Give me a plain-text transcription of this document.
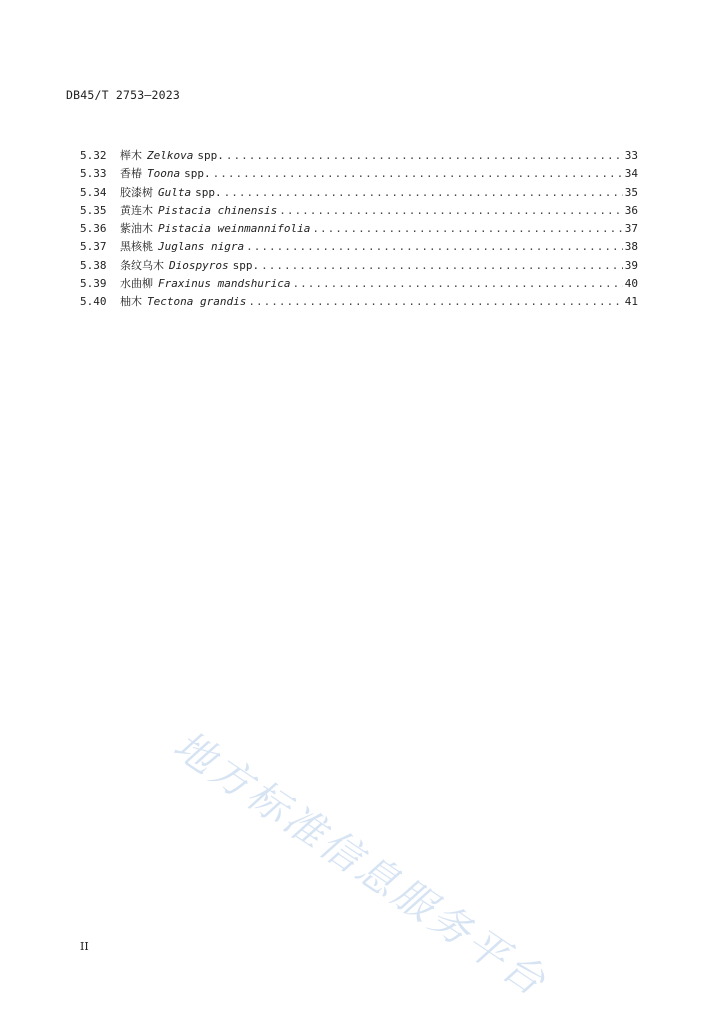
DB45/T 2753—2023
5.32	榉木 Zelkova spp. .....	33
5.33	香椿 Toona spp. .....	34
5.34	胶漆树 Gulta spp. .....	35
5.35	黄连木 Pistacia chinensis .....	36
5.36	紫油木 Pistacia weinmannifolia .....	37
5.37	黑核桃 Juglans nigra .....	38
5.38	条纹乌木 Diospyros spp. .....	39
5.39	水曲柳 Fraxinus mandshurica .....	40
5.40	柚木 Tectona grandis .....	41
地方标准信息服务平台
II
